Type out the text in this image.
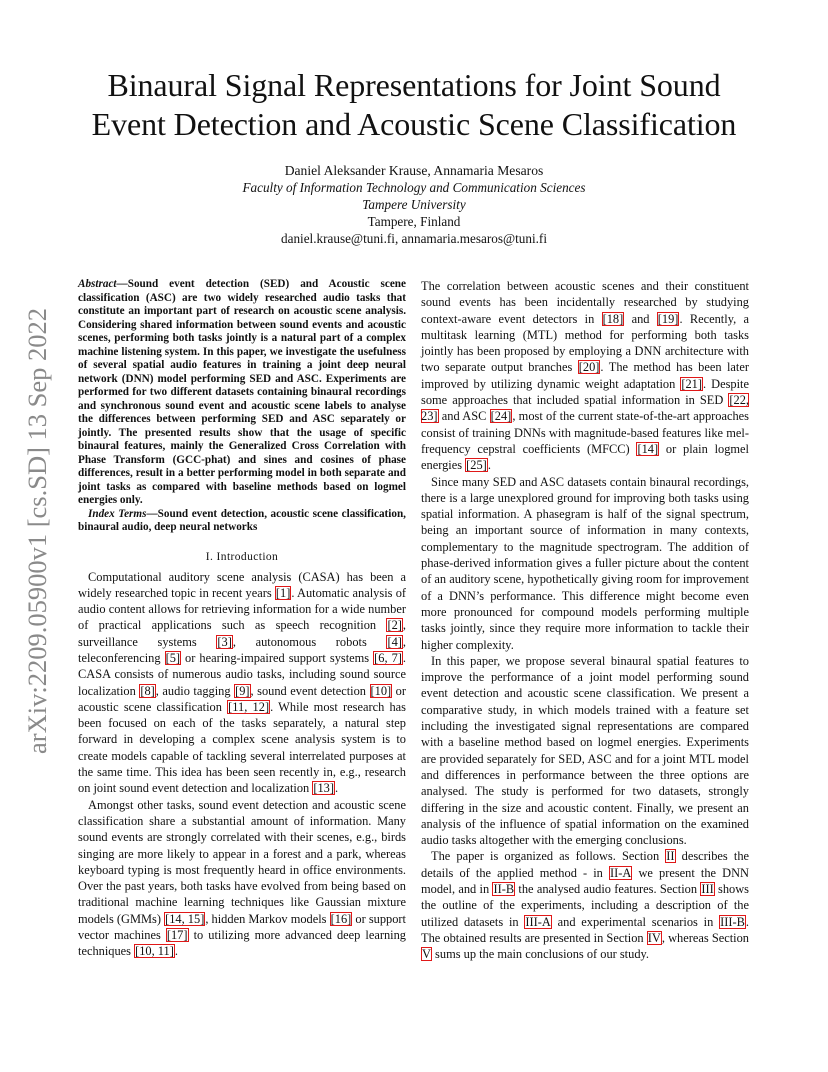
arXiv:2209.05900v1 [cs.SD] 13 Sep 2022
Binaural Signal Representations for Joint Sound
Event Detection and Acoustic Scene Classification
Daniel Aleksander Krause, Annamaria Mesaros
Faculty of Information Technology and Communication Sciences
Tampere University
Tampere, Finland
daniel.krause@tuni.fi, annamaria.mesaros@tuni.fi

Abstract—Sound event detection (SED) and Acoustic scene classification (ASC) are two widely researched audio tasks that constitute an important part of research on acoustic scene analysis. Considering shared information between sound events and acoustic scenes, performing both tasks jointly is a natural part of a complex machine listening system. In this paper, we investigate the usefulness of several spatial audio features in training a joint deep neural network (DNN) model performing SED and ASC. Experiments are performed for two different datasets containing binaural recordings and synchronous sound event and acoustic scene labels to analyse the differences between performing SED and ASC separately or jointly. The presented results show that the usage of specific binaural features, mainly the Generalized Cross Correlation with Phase Transform (GCC-phat) and sines and cosines of phase differences, result in a better performing model in both separate and joint tasks as compared with baseline methods based on logmel energies only.

Index Terms—Sound event detection, acoustic scene classification, binaural audio, deep neural networks

I. Introduction

Computational auditory scene analysis (CASA) has been a widely researched topic in recent years [1]. Automatic analysis of audio content allows for retrieving information for a wide number of practical applications such as speech recognition [2], surveillance systems [3], autonomous robots [4], teleconferencing [5] or hearing-impaired support systems [6, 7]. CASA consists of numerous audio tasks, including sound source localization [8], audio tagging [9], sound event detection [10] or acoustic scene classification [11, 12]. While most research has been focused on each of the tasks separately, a natural step forward in developing a complex scene analysis system is to create models capable of tackling several interrelated purposes at the same time. This idea has been seen recently in, e.g., research on joint sound event detection and localization [13].

Amongst other tasks, sound event detection and acoustic scene classification share a substantial amount of information. Many sound events are strongly correlated with their scenes, e.g., birds singing are more likely to appear in a forest and a park, whereas keyboard typing is most frequently heard in office environments. Over the past years, both tasks have evolved from being based on traditional machine learning techniques like Gaussian mixture models (GMMs) [14, 15], hidden Markov models [16] or support vector machines [17] to utilizing more advanced deep learning techniques [10, 11].

The correlation between acoustic scenes and their constituent sound events has been incidentally researched by studying context-aware event detectors in [18] and [19]. Recently, a multitask learning (MTL) method for performing both tasks jointly has been proposed by employing a DNN architecture with two separate output branches [20]. The method has been later improved by utilizing dynamic weight adaptation [21]. Despite some approaches that included spatial information in SED [22, 23] and ASC [24], most of the current state-of-the-art approaches consist of training DNNs with magnitude-based features like mel-frequency cepstral coefficients (MFCC) [14] or plain logmel energies [25].

Since many SED and ASC datasets contain binaural recordings, there is a large unexplored ground for improving both tasks using spatial information. A phasegram is half of the signal spectrum, being an important source of information in many contexts, complementary to the magnitude spectrogram. The addition of phase-derived information gives a fuller picture about the content of an auditory scene, hypothetically giving room for improvement of a DNN’s performance. This difference might become even more pronounced for compound models performing multiple tasks jointly, since they require more information to tackle their higher complexity.

In this paper, we propose several binaural spatial features to improve the performance of a joint model performing sound event detection and acoustic scene classification. We present a comparative study, in which models trained with a feature set including the investigated signal representations are compared with a baseline method based on logmel energies. Experiments are provided separately for SED, ASC and for a joint MTL model and differences in performance between the three options are analysed. The study is performed for two datasets, strongly differing in the size and acoustic content. Finally, we present an analysis of the influence of spatial information on the examined audio tasks altogether with the emerging conclusions.

The paper is organized as follows. Section II describes the details of the applied method - in II-A we present the DNN model, and in II-B the analysed audio features. Section III shows the outline of the experiments, including a description of the utilized datasets in III-A and experimental scenarios in III-B. The obtained results are presented in Section IV, whereas Section V sums up the main conclusions of our study.
